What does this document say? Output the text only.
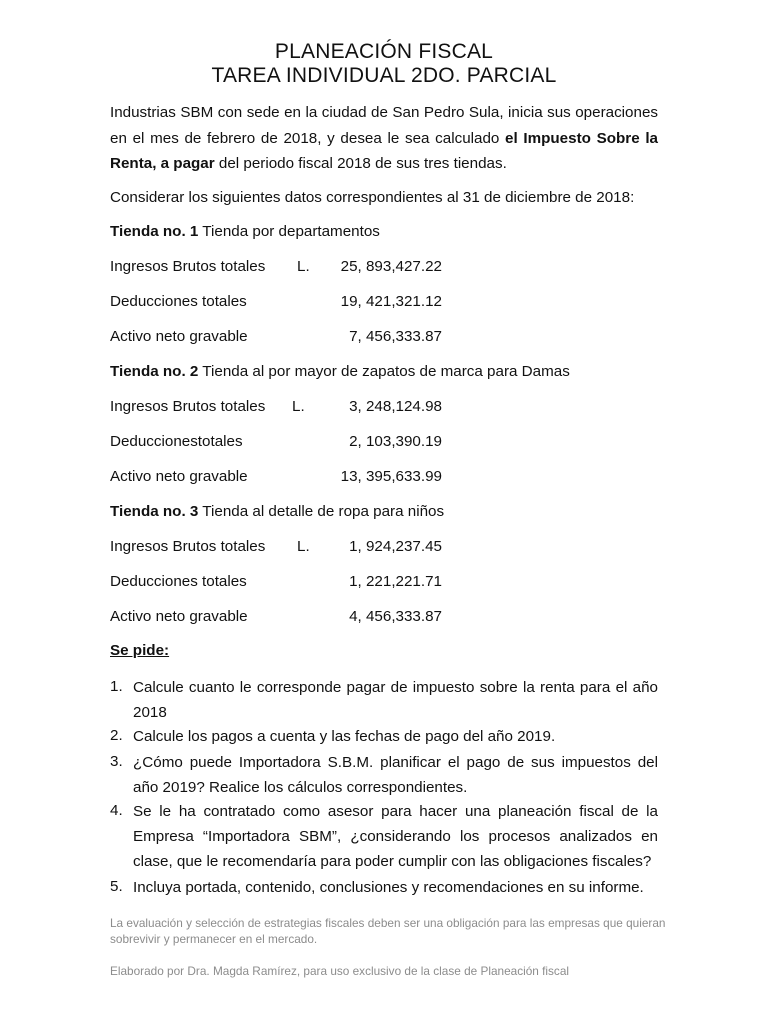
PLANEACIÓN FISCAL
TAREA INDIVIDUAL 2DO. PARCIAL
Industrias SBM con sede en la ciudad de San Pedro Sula, inicia sus operaciones en el mes de febrero de 2018, y desea le sea calculado el Impuesto Sobre la Renta, a pagar del periodo fiscal 2018 de sus tres tiendas.
Considerar los siguientes datos correspondientes al 31 de diciembre de 2018:
Tienda no. 1 Tienda por departamentos
Ingresos Brutos totales L.	25, 893,427.22
Deducciones totales	19, 421,321.12
Activo neto gravable	7, 456,333.87
Tienda no. 2 Tienda al por mayor de zapatos de marca para Damas
Ingresos Brutos totales L.	3, 248,124.98
Deduccionestotales	2, 103,390.19
Activo neto gravable	13, 395,633.99
Tienda no. 3 Tienda al detalle de ropa para niños
Ingresos Brutos totales L.	1, 924,237.45
Deducciones totales	1, 221,221.71
Activo neto gravable	4, 456,333.87
Se pide:
1. Calcule cuanto le corresponde pagar de impuesto sobre la renta para el año 2018
2. Calcule los pagos a cuenta y las fechas de pago del año 2019.
3. ¿Cómo puede Importadora S.B.M. planificar el pago de sus impuestos del año 2019? Realice los cálculos correspondientes.
4. Se le ha contratado como asesor para hacer una planeación fiscal de la Empresa “Importadora SBM”, ¿considerando los procesos analizados en clase, que le recomendaría para poder cumplir con las obligaciones fiscales?
5. Incluya portada, contenido, conclusiones y recomendaciones en su informe.
La evaluación y selección de estrategias fiscales deben ser una obligación para las empresas que quieran sobrevivir y permanecer en el mercado.
Elaborado por Dra. Magda Ramírez, para uso exclusivo de la clase de Planeación fiscal
